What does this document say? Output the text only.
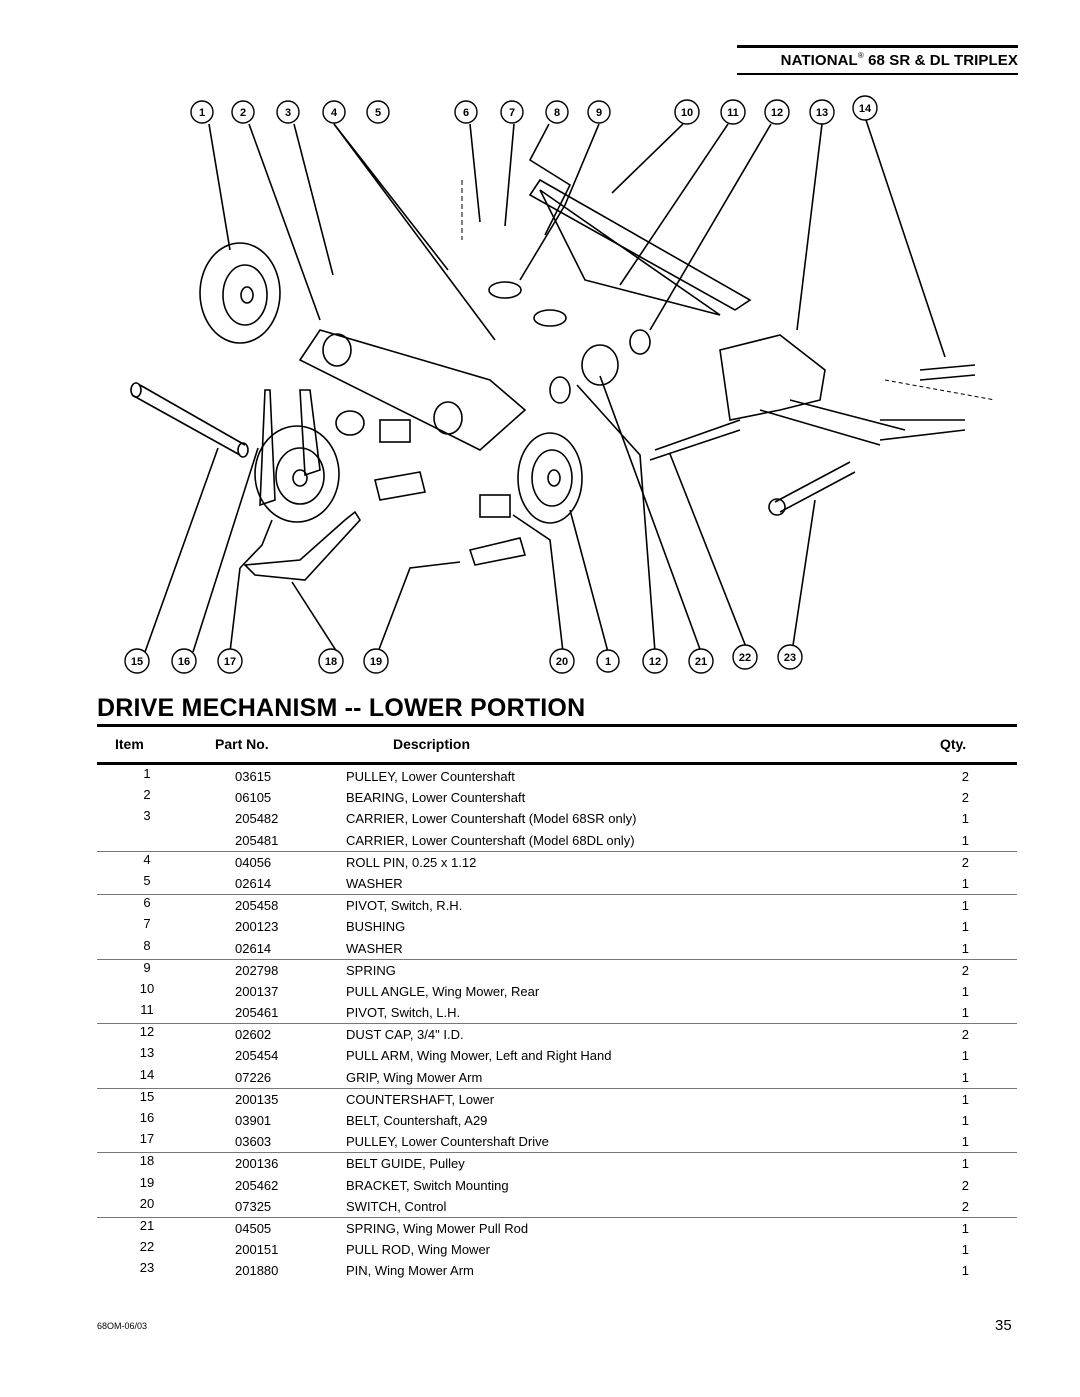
NATIONAL® 68 SR & DL TRIPLEX
1	2	3	4	5	6	7	8	9	10	11	12	13	14
15	16	17	18	19	20	1	12	21	22	23
DRIVE MECHANISM -- LOWER PORTION
Item	Part No.	Description	Qty.
1	03615	PULLEY, Lower Countershaft	2
2	06105	BEARING, Lower Countershaft	2
3	205482	CARRIER, Lower Countershaft (Model 68SR only)	1
205481	CARRIER, Lower Countershaft (Model 68DL only)	1
4	04056	ROLL PIN, 0.25 x 1.12	2
5	02614	WASHER	1
6	205458	PIVOT, Switch, R.H.	1
7	200123	BUSHING	1
8	02614	WASHER	1
9	202798	SPRING	2
10	200137	PULL ANGLE, Wing Mower, Rear	1
11	205461	PIVOT, Switch, L.H.	1
12	02602	DUST CAP, 3/4" I.D.	2
13	205454	PULL ARM, Wing Mower, Left and Right Hand	1
14	07226	GRIP, Wing Mower Arm	1
15	200135	COUNTERSHAFT, Lower	1
16	03901	BELT, Countershaft, A29	1
17	03603	PULLEY, Lower Countershaft Drive	1
18	200136	BELT GUIDE, Pulley	1
19	205462	BRACKET, Switch Mounting	2
20	07325	SWITCH, Control	2
21	04505	SPRING, Wing Mower Pull Rod	1
22	200151	PULL ROD, Wing Mower	1
23	201880	PIN, Wing Mower Arm	1
68OM-06/03	35
